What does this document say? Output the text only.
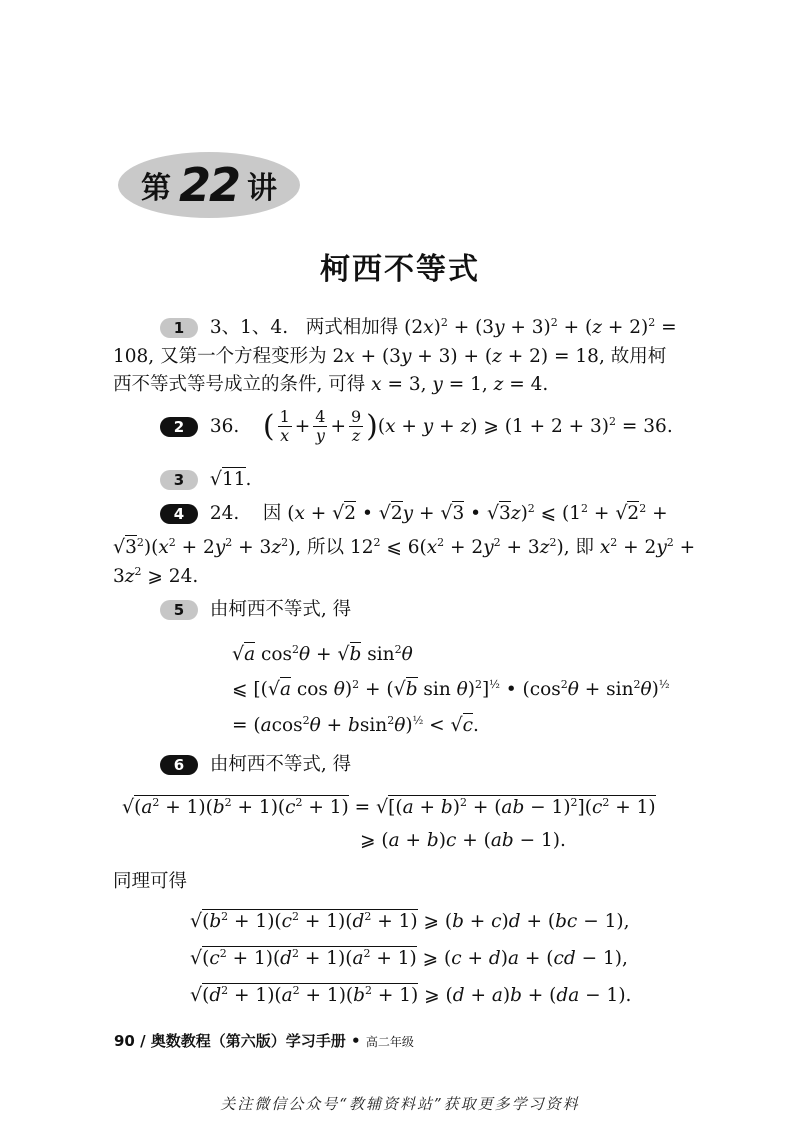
第 22 讲
柯西不等式
1 3、1、4. 两式相加得 $(2x)^2 + (3y + 3)^2 + (z + 2)^2$ =
108, 又第一个方程变形为 2x + (3y + 3) + (z + 2) = 18, 故用柯
西不等式等号成立的条件, 可得 x = 3, y = 1, z = 4.
2 36. ( $\frac{1}{x} + \frac{4}{y} + \frac{9}{z} )(x + y + z)$ ⩾ $(1 + 2 + 3)^2 = 36$.
3 √11.
4 24. 因 (x + √2 • √2y + √3 • √3z)$^2$ ⩽ ($1^2 + √2^2$ +
$√3^2)(x^2 + 2y^2 + 3z^2)$, 所以 $12^2$ ⩽ $6(x^2 + 2y^2 + 3z^2)$, 即 $x^2 + 2y^2$ +
$3z^2$ ⩾ 24.
5 由柯西不等式, 得
√a $\cos^2\theta + √b$ $\sin^2\theta$
⩽ [(√a cos θ)$^2$ + (√b sin θ)$^2$]$^{\frac{1}{2}}$ • $(\cos^2\theta + \sin^2\theta)^{\frac{1}{2}}$
= $(acos^2\theta + bsin^2\theta)^{\frac{1}{2}} < √c$.
6 由柯西不等式, 得
$√(a^2 + 1)(b^2 + 1)(c^2 + 1) = √[(a + b)^2 + (ab - 1)^2](c^2 + 1)$
⩾ (a + b)c + (ab − 1).
同理可得
$√(b^2 + 1)(c^2 + 1)(d^2 + 1)$ ⩾ (b + c)d + (bc − 1),
$√(c^2 + 1)(d^2 + 1)(a^2 + 1)$ ⩾ (c + d)a + (cd − 1),
$√(d^2 + 1)(a^2 + 1)(b^2 + 1)$ ⩾ (d + a)b + (da − 1).
90 / 奥数教程（第六版）学习手册 • 高二年级
关注微信公众号“教辅资料站”获取更多学习资料
